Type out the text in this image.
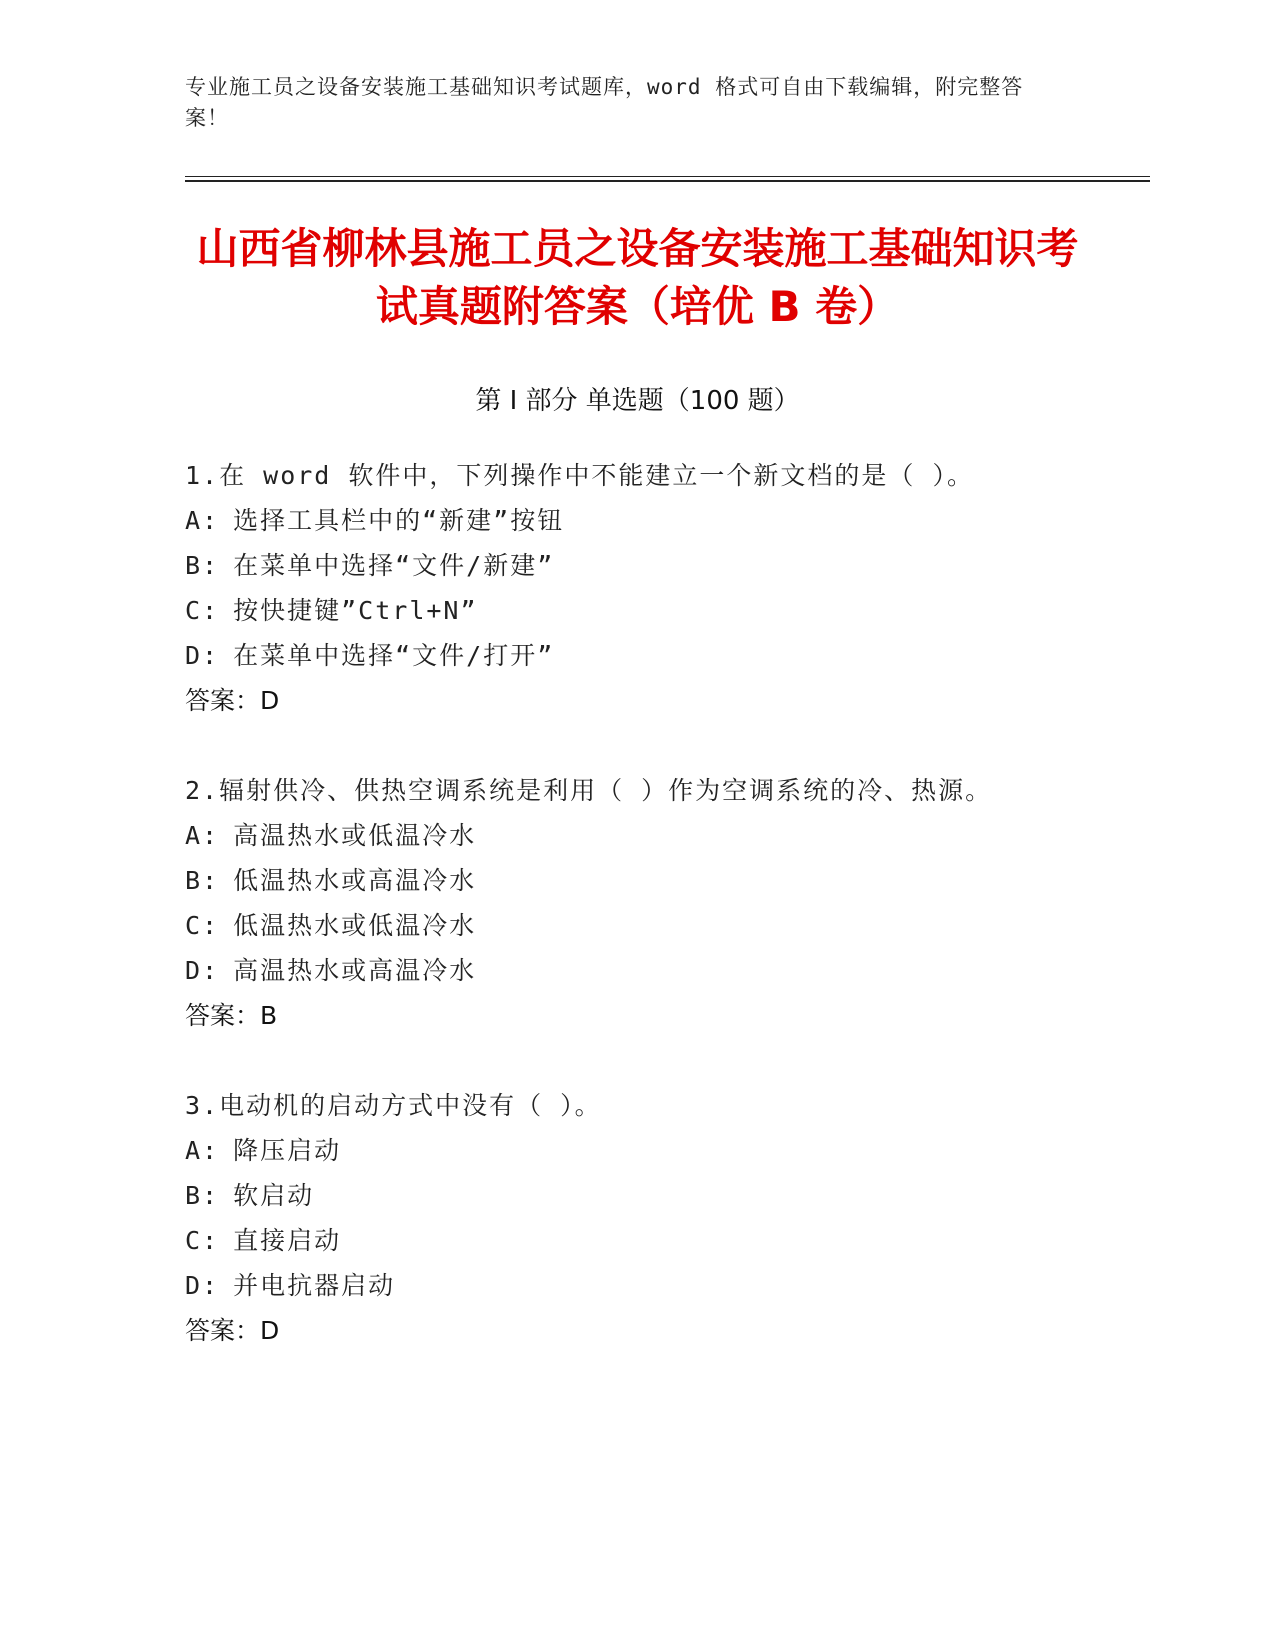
专业施工员之设备安装施工基础知识考试题库，word 格式可自由下载编辑，附完整答案！
山西省柳林县施工员之设备安装施工基础知识考试真题附答案（培优 B 卷）
第 I 部分 单选题（100 题）
1.在 word 软件中，下列操作中不能建立一个新文档的是（ ）。
A: 选择工具栏中的“新建”按钮
B: 在菜单中选择“文件/新建”
C: 按快捷键”Ctrl+N”
D: 在菜单中选择“文件/打开”
答案：D
2.辐射供冷、供热空调系统是利用（ ）作为空调系统的冷、热源。
A: 高温热水或低温冷水
B: 低温热水或高温冷水
C: 低温热水或低温冷水
D: 高温热水或高温冷水
答案：B
3.电动机的启动方式中没有（ ）。
A: 降压启动
B: 软启动
C: 直接启动
D: 并电抗器启动
答案：D
